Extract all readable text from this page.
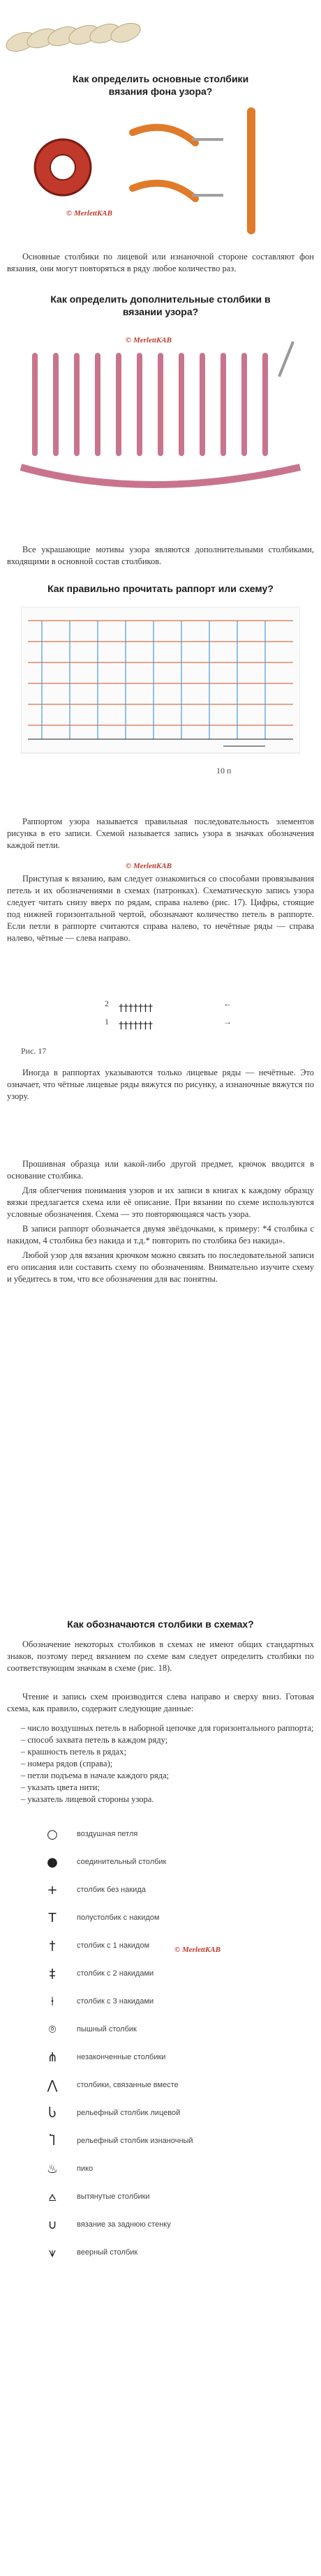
Как определить основные столбики вязания фона узора?
© MerlettKAB

Основные столбики по лицевой или изнаночной стороне составляют фон вязания, они могут повторяться в ряду любое количество раз.

Как определить дополнительные столбики в вязании узора?
© MerlettKAB

Все украшающие мотивы узора являются дополнительными столбиками, входящими в основной состав столбиков.

Как правильно прочитать раппорт или схему?
10 п

Раппортом узора называется правильная последовательность элементов рисунка в его записи. Схемой называется запись узора в значках обозначения каждой петли.

© MerlettKAB

Приступая к вязанию, вам следует ознакомиться со способами провязывания петель и их обозначениями в схемах (патронках). Схематическую запись узора следует читать снизу вверх по рядам, справа налево (рис. 17). Цифры, стоящие под нижней горизонтальной чертой, обозначают количество петель в раппорте. Если петли в раппорте считаются справа налево, то нечётные ряды — справа налево, чётные — слева направо.

†††††††
†††††††
2
1
←
→
Рис. 17

Иногда в раппортах указываются только лицевые ряды — нечётные. Это означает, что чётные лицевые ряды вяжутся по рисунку, а изнаночные вяжутся по узору.

Прошивная образца или какой-либо другой предмет, крючок вводится в основание столбика.

Для облегчения понимания узоров и их записи в книгах к каждому образцу вязки предлагается схема или её описание. При вязании по схеме используются условные обозначения. Схема — это повторяющаяся часть узора.

В записи раппорт обозначается двумя звёздочками, к примеру: *4 столбика с накидом, 4 столбика без накида и т.д.* повторить по столбика без накида».

Любой узор для вязания крючком можно связать по последовательной записи его описания или составить схему по обозначениям. Внимательно изучите схему и убедитесь в том, что все обозначения для вас понятны.

Как обозначаются столбики в схемах?

Обозначение некоторых столбиков в схемах не имеют общих стандартных знаков, поэтому перед вязанием по схеме вам следует определить столбики по соответствующим значкам в схеме (рис. 18).

Чтение и запись схем производится слева направо и сверху вниз. Готовая схема, как правило, содержит следующие данные:

– число воздушных петель в наборной цепочке для горизонтального раппорта;
– способ захвата петель в каждом ряду;
– крашность петель в рядах;
– номера рядов (справа);
– петли подъема в начале каждого ряда;
– указать цвета нити;
– указатель лицевой стороны узора.
○	воздушная петля
●	соединительный столбик
+	столбик без накида
T	полустолбик с накидом
†	столбик с 1 накидом
‡	столбик с 2 накидами
⍿	столбик с 3 накидами
⌾	пышный столбик
⋔	незаконченные столбики
⋀	столбики, связанные вместе
Ⴑ	рельефный столбик лицевой
Ⴈ	рельефный столбик изнаночный
♨	пико
⩟	вытянутые столбики
∪	вязание за заднюю стенку
⩛	веерный столбик
© MerlettKAB
